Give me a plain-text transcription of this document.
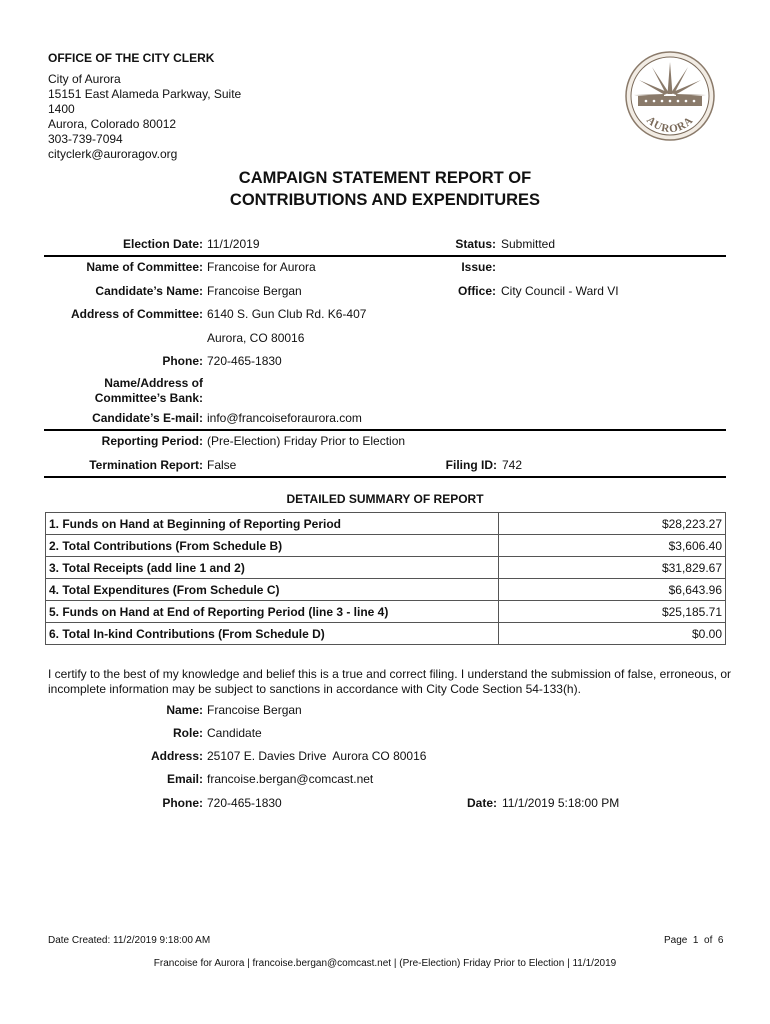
OFFICE OF THE CITY CLERK
City of Aurora
15151 East Alameda Parkway, Suite
1400
Aurora, Colorado 80012
303-739-7094
cityclerk@auroragov.org
AURORA
CAMPAIGN STATEMENT REPORT OF
CONTRIBUTIONS AND EXPENDITURES
Election Date: 11/1/2019	Status: Submitted
Name of Committee: Francoise for Aurora	Issue:
Candidate’s Name: Francoise Bergan	Office: City Council - Ward VI
Address of Committee: 6140 S. Gun Club Rd. K6-407
Aurora, CO 80016
Phone: 720-465-1830
Name/Address of
Committee’s Bank:
Candidate’s E-mail: info@francoiseforaurora.com
Reporting Period: (Pre-Election) Friday Prior to Election
Termination Report: False	Filing ID: 742
DETAILED SUMMARY OF REPORT
1. Funds on Hand at Beginning of Reporting Period	$28,223.27
2. Total Contributions (From Schedule B)	$3,606.40
3. Total Receipts (add line 1 and 2)	$31,829.67
4. Total Expenditures (From Schedule C)	$6,643.96
5. Funds on Hand at End of Reporting Period (line 3 - line 4)	$25,185.71
6. Total In-kind Contributions (From Schedule D)	$0.00
I certify to the best of my knowledge and belief this is a true and correct filing. I understand the submission of false, erroneous, or incomplete information may be subject to sanctions in accordance with City Code Section 54-133(h).
Name: Francoise Bergan
Role: Candidate
Address: 25107 E. Davies Drive  Aurora CO 80016
Email: francoise.bergan@comcast.net
Phone: 720-465-1830	Date: 11/1/2019 5:18:00 PM
Date Created: 11/2/2019 9:18:00 AM	Page  1  of  6
Francoise for Aurora | francoise.bergan@comcast.net | (Pre-Election) Friday Prior to Election | 11/1/2019
